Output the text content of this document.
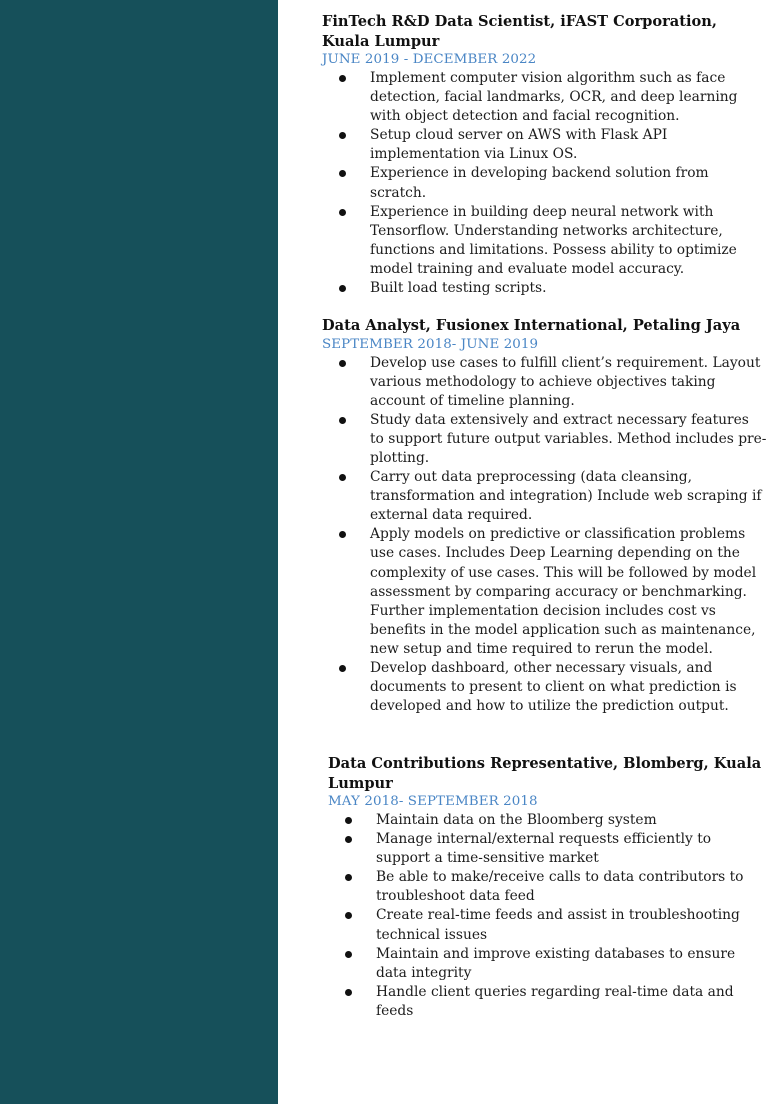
FinTech R&D Data Scientist, iFAST Corporation, Kuala Lumpur
JUNE 2019 - DECEMBER 2022
Implement computer vision algorithm such as face detection, facial landmarks, OCR, and deep learning with object detection and facial recognition.
Setup cloud server on AWS with Flask API implementation via Linux OS.
Experience in developing backend solution from scratch.
Experience in building deep neural network with Tensorflow. Understanding networks architecture, functions and limitations. Possess ability to optimize model training and evaluate model accuracy.
Built load testing scripts.
Data Analyst, Fusionex International, Petaling Jaya
SEPTEMBER 2018- JUNE 2019
Develop use cases to fulfill client’s requirement. Layout various methodology to achieve objectives taking account of timeline planning.
Study data extensively and extract necessary features to support future output variables. Method includes pre-plotting.
Carry out data preprocessing (data cleansing, transformation and integration) Include web scraping if external data required.
Apply models on predictive or classification problems use cases. Includes Deep Learning depending on the complexity of use cases. This will be followed by model assessment by comparing accuracy or benchmarking. Further implementation decision includes cost vs benefits in the model application such as maintenance, new setup and time required to rerun the model.
Develop dashboard, other necessary visuals, and documents to present to client on what prediction is developed and how to utilize the prediction output.
Data Contributions Representative, Blomberg, Kuala Lumpur
MAY 2018- SEPTEMBER 2018
Maintain data on the Bloomberg system
Manage internal/external requests efficiently to support a time-sensitive market
Be able to make/receive calls to data contributors to troubleshoot data feed
Create real-time feeds and assist in troubleshooting technical issues
Maintain and improve existing databases to ensure data integrity
Handle client queries regarding real-time data and feeds
